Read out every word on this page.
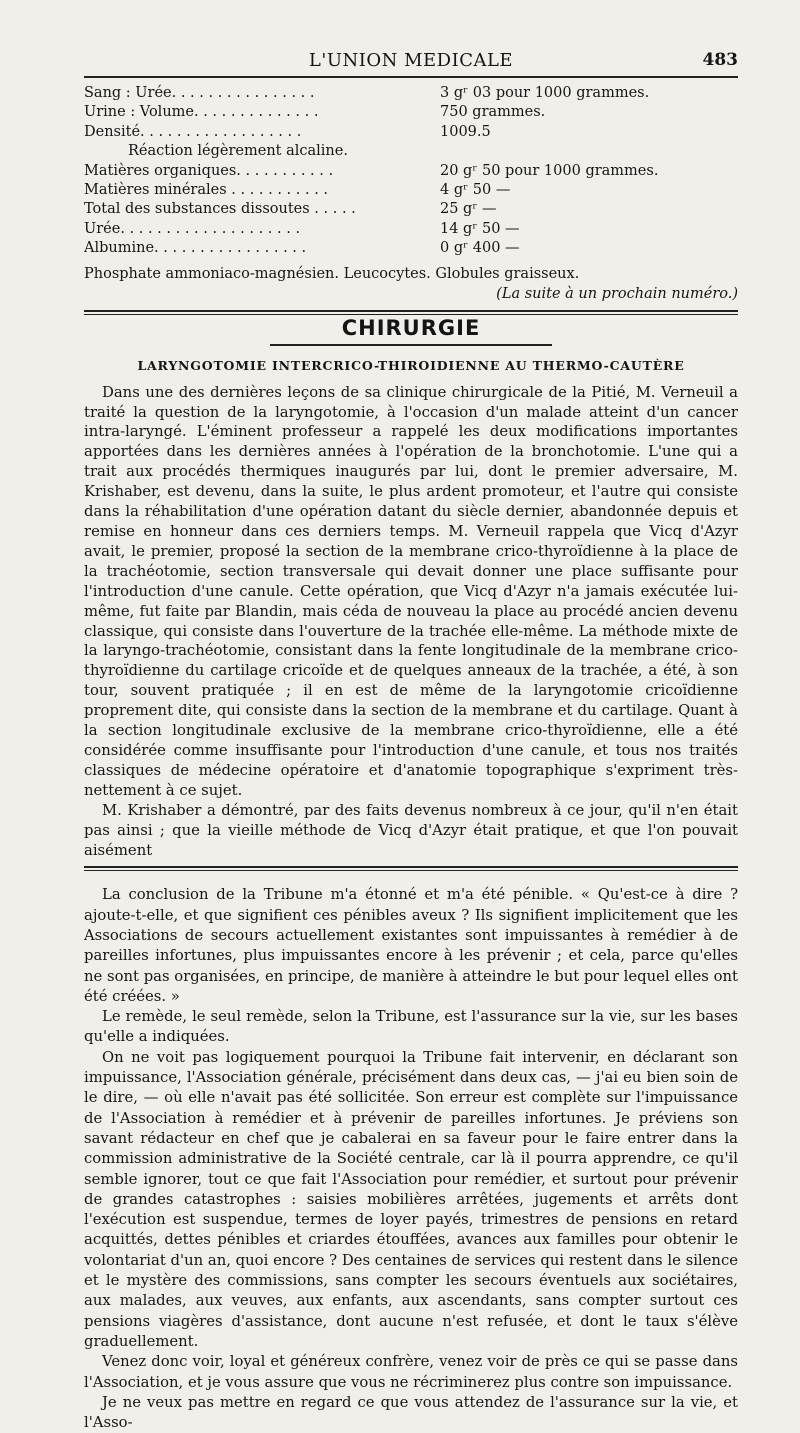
L'UNION MEDICALE	483
Sang : Urée. . . . . . . . . . . . . . . .	3 gʳ 03 pour 1000 grammes.
Urine : Volume. . . . . . . . . . . . . .	750 grammes.
Densité. . . . . . . . . . . . . . . . . .	1009.5
Réaction légèrement alcaline.
Matières organiques. . . . . . . . . . .	20 gʳ 50 pour 1000 grammes.
Matières minérales . . . . . . . . . . .	4 gʳ 50 —
Total des substances dissoutes . . . . .	25 gʳ —
Urée. . . . . . . . . . . . . . . . . . . .	14 gʳ 50 —
Albumine. . . . . . . . . . . . . . . . .	0 gʳ 400 —
Phosphate ammoniaco-magnésien. Leucocytes. Globules graisseux.
(La suite à un prochain numéro.)
CHIRURGIE
LARYNGOTOMIE INTERCRICO-THIROIDIENNE AU THERMO-CAUTÈRE

Dans une des dernières leçons de sa clinique chirurgicale de la Pitié, M. Verneuil a traité la question de la laryngotomie, à l'occasion d'un malade atteint d'un cancer intra-laryngé. L'éminent professeur a rappelé les deux modifications importantes apportées dans les dernières années à l'opération de la bronchotomie. L'une qui a trait aux procédés thermiques inaugurés par lui, dont le premier adversaire, M. Krishaber, est devenu, dans la suite, le plus ardent promoteur, et l'autre qui consiste dans la réhabilitation d'une opération datant du siècle dernier, abandonnée depuis et remise en honneur dans ces derniers temps. M. Verneuil rappela que Vicq d'Azyr avait, le premier, proposé la section de la membrane crico-thyroïdienne à la place de la trachéotomie, section transversale qui devait donner une place suffisante pour l'introduction d'une canule. Cette opération, que Vicq d'Azyr n'a jamais exécutée lui-même, fut faite par Blandin, mais céda de nouveau la place au procédé ancien devenu classique, qui consiste dans l'ouverture de la trachée elle-même. La méthode mixte de la laryngo-trachéotomie, consistant dans la fente longitudinale de la membrane crico-thyroïdienne du cartilage cricoïde et de quelques anneaux de la trachée, a été, à son tour, souvent pratiquée ; il en est de même de la laryngotomie cricoïdienne proprement dite, qui consiste dans la section de la membrane et du cartilage. Quant à la section longitudinale exclusive de la membrane crico-thyroïdienne, elle a été considérée comme insuffisante pour l'introduction d'une canule, et tous nos traités classiques de médecine opératoire et d'anatomie topographique s'expriment très-nettement à ce sujet.

M. Krishaber a démontré, par des faits devenus nombreux à ce jour, qu'il n'en était pas ainsi ; que la vieille méthode de Vicq d'Azyr était pratique, et que l'on pouvait aisément

La conclusion de la Tribune m'a étonné et m'a été pénible. « Qu'est-ce à dire ? ajoute-t-elle, et que signifient ces pénibles aveux ? Ils signifient implicitement que les Associations de secours actuellement existantes sont impuissantes à remédier à de pareilles infortunes, plus impuissantes encore à les prévenir ; et cela, parce qu'elles ne sont pas organisées, en principe, de manière à atteindre le but pour lequel elles ont été créées. »

Le remède, le seul remède, selon la Tribune, est l'assurance sur la vie, sur les bases qu'elle a indiquées.

On ne voit pas logiquement pourquoi la Tribune fait intervenir, en déclarant son impuissance, l'Association générale, précisément dans deux cas, — j'ai eu bien soin de le dire, — où elle n'avait pas été sollicitée. Son erreur est complète sur l'impuissance de l'Association à remédier et à prévenir de pareilles infortunes. Je préviens son savant rédacteur en chef que je cabalerai en sa faveur pour le faire entrer dans la commission administrative de la Société centrale, car là il pourra apprendre, ce qu'il semble ignorer, tout ce que fait l'Association pour remédier, et surtout pour prévenir de grandes catastrophes : saisies mobilières arrêtées, jugements et arrêts dont l'exécution est suspendue, termes de loyer payés, trimestres de pensions en retard acquittés, dettes pénibles et criardes étouffées, avances aux familles pour obtenir le volontariat d'un an, quoi encore ? Des centaines de services qui restent dans le silence et le mystère des commissions, sans compter les secours éventuels aux sociétaires, aux malades, aux veuves, aux enfants, aux ascendants, sans compter surtout ces pensions viagères d'assistance, dont aucune n'est refusée, et dont le taux s'élève graduellement.

Venez donc voir, loyal et généreux confrère, venez voir de près ce qui se passe dans l'Association, et je vous assure que vous ne récriminerez plus contre son impuissance.

Je ne veux pas mettre en regard ce que vous attendez de l'assurance sur la vie, et l'Asso-
